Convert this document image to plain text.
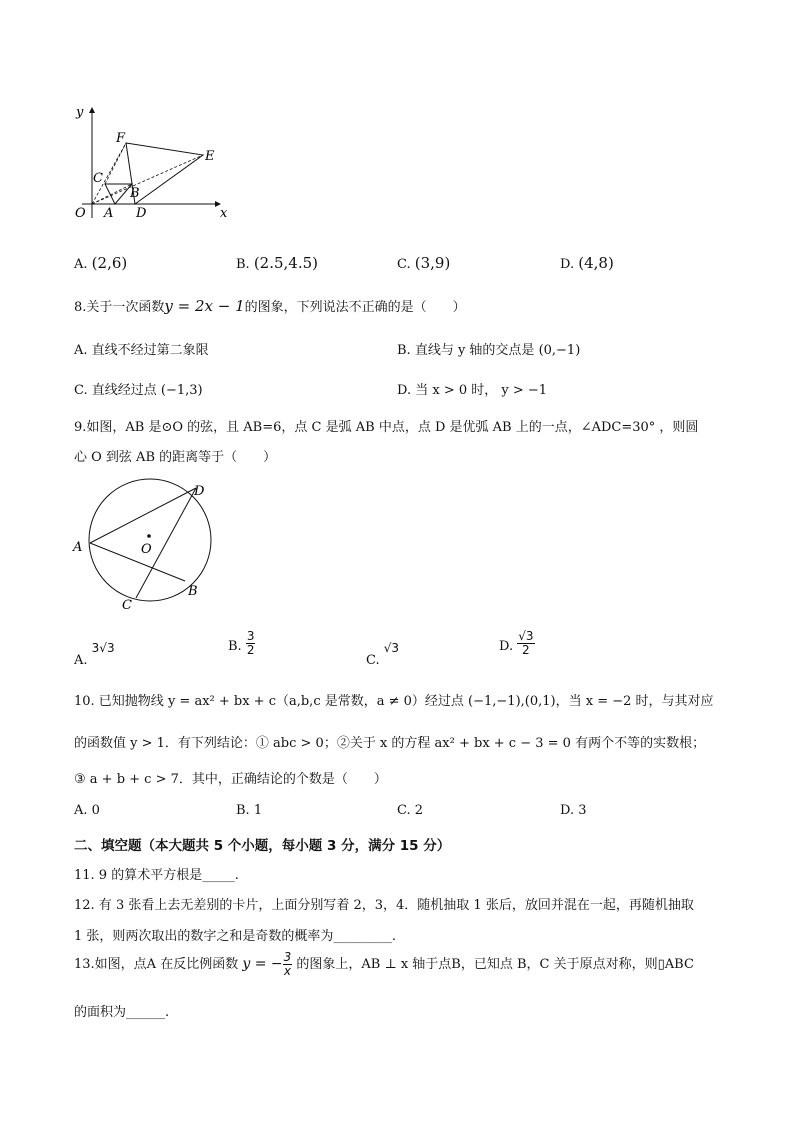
y
x
O
F
E
C
B
A D
A. (2,6)	B. (2.5,4.5)	C. (3,9)	D. (4,8)
8.关于一次函数y = 2x − 1的图象，下列说法不正确的是（　　）
A. 直线不经过第二象限	B. 直线与 y 轴的交点是 (0,−1)
C. 直线经过点 (−1,3)	D. 当 x > 0 时， y > −1
9.如图，AB 是⊙O 的弦，且 AB=6，点 C 是弧 AB 中点，点 D 是优弧 AB 上的一点，∠ADC=30° ，则圆
心 O 到弦 AB 的距离等于（　　）
D
A	O
B
C
A. 3√3	B. $\frac{3}{2}$
C. √3	D. $\frac{√3}{2}$
10. 已知抛物线 y = ax² + bx + c（a,b,c 是常数，a ≠ 0）经过点 (−1,−1),(0,1)，当 x = −2 时，与其对应
的函数值 y > 1．有下列结论：① abc > 0；②关于 x 的方程 ax² + bx + c − 3 = 0 有两个不等的实数根；
③ a + b + c > 7．其中，正确结论的个数是（　　）
A. 0	B. 1	C. 2	D. 3
二、填空题（本大题共 5 个小题，每小题 3 分，满分 15 分）
11. 9 的算术平方根是_____.
12. 有 3 张看上去无差别的卡片，上面分别写着 2，3，4．随机抽取 1 张后，放回并混在一起，再随机抽取
1 张，则两次取出的数字之和是奇数的概率为_________.
13.如图，点A 在反比例函数 y = − $\frac{3}{x}$ 的图象上，AB ⊥ x 轴于点B，已知点 B，C 关于原点对称，则▯ABC
的面积为______.
